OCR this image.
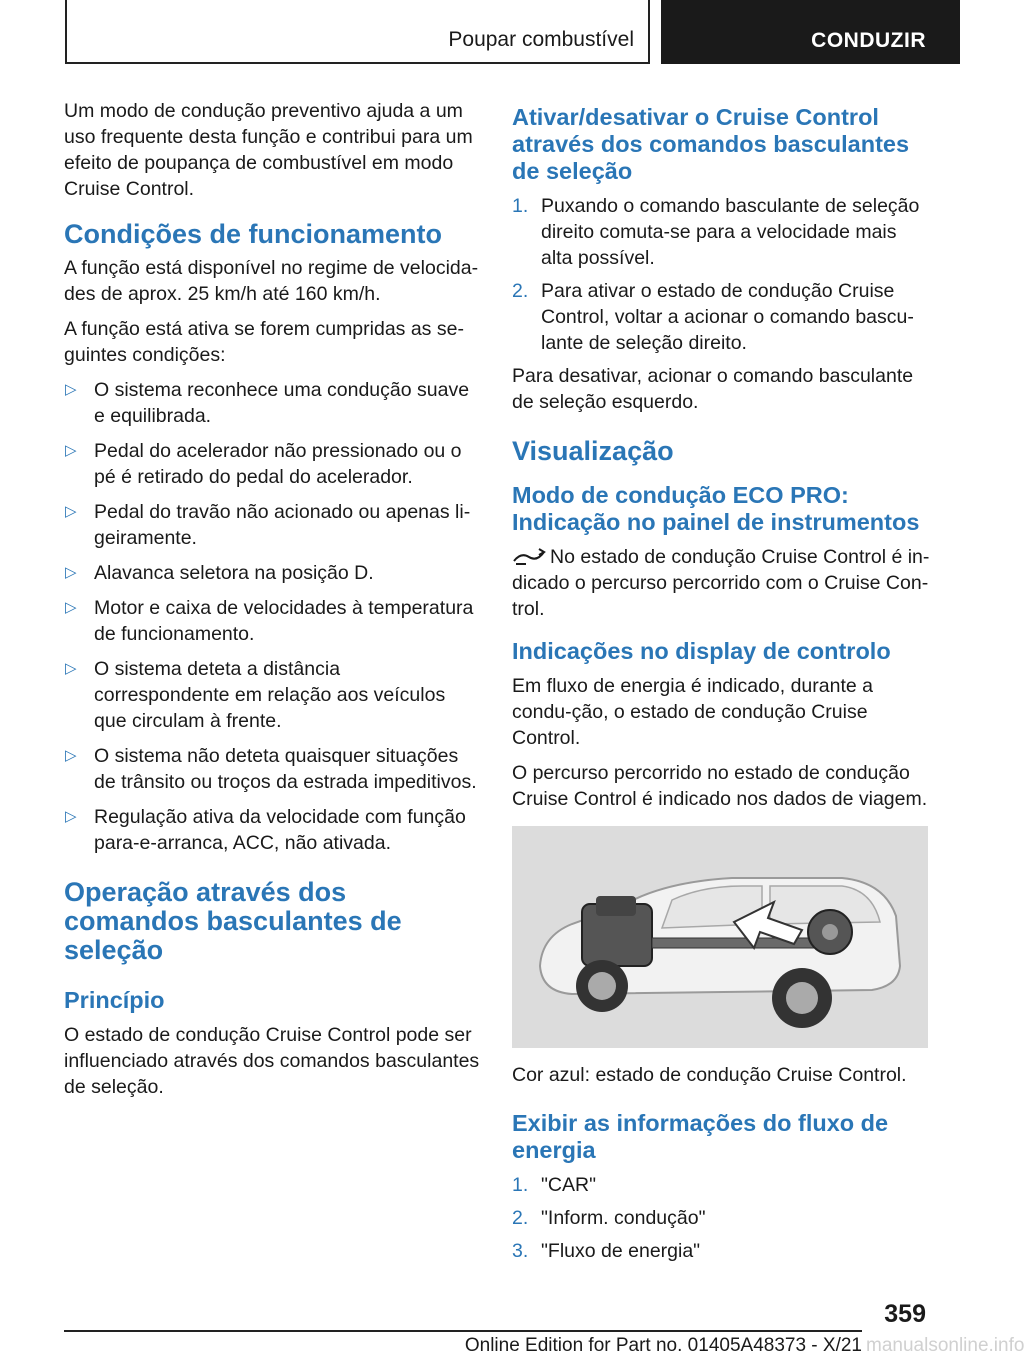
Poupar combustível	CONDUZIR

Um modo de condução preventivo ajuda a um uso frequente desta função e contribui para um efeito de poupança de combustível em modo Cruise Control.

Condições de funcionamento

A função está disponível no regime de velocida-des de aprox. 25 km/h até 160 km/h.

A função está ativa se forem cumpridas as se-guintes condições:

▷ O sistema reconhece uma condução suave e equilibrada.
▷ Pedal do acelerador não pressionado ou o pé é retirado do pedal do acelerador.
▷ Pedal do travão não acionado ou apenas li-geiramente.
▷ Alavanca seletora na posição D.
▷ Motor e caixa de velocidades à temperatura de funcionamento.
▷ O sistema deteta a distância correspondente em relação aos veículos que circulam à frente.
▷ O sistema não deteta quaisquer situações de trânsito ou troços da estrada impeditivos.
▷ Regulação ativa da velocidade com função para-e-arranca, ACC, não ativada.
Operação através dos comandos basculantes de seleção
Princípio

O estado de condução Cruise Control pode ser influenciado através dos comandos basculantes de seleção.

Ativar/desativar o Cruise Control através dos comandos basculantes de seleção
1. Puxando o comando basculante de seleção direito comuta-se para a velocidade mais alta possível.
2. Para ativar o estado de condução Cruise Control, voltar a acionar o comando bascu-lante de seleção direito.

Para desativar, acionar o comando basculante de seleção esquerdo.

Visualização
Modo de condução ECO PRO: Indicação no painel de instrumentos

No estado de condução Cruise Control é in-dicado o percurso percorrido com o Cruise Con-trol.

Indicações no display de controlo

Em fluxo de energia é indicado, durante a condu-ção, o estado de condução Cruise Control.

O percurso percorrido no estado de condução Cruise Control é indicado nos dados de viagem.

Cor azul: estado de condução Cruise Control.

Exibir as informações do fluxo de energia
1. "CAR"
2. "Inform. condução"
3. "Fluxo de energia"
359
Online Edition for Part no. 01405A48373 - X/21 manualsonline.info
